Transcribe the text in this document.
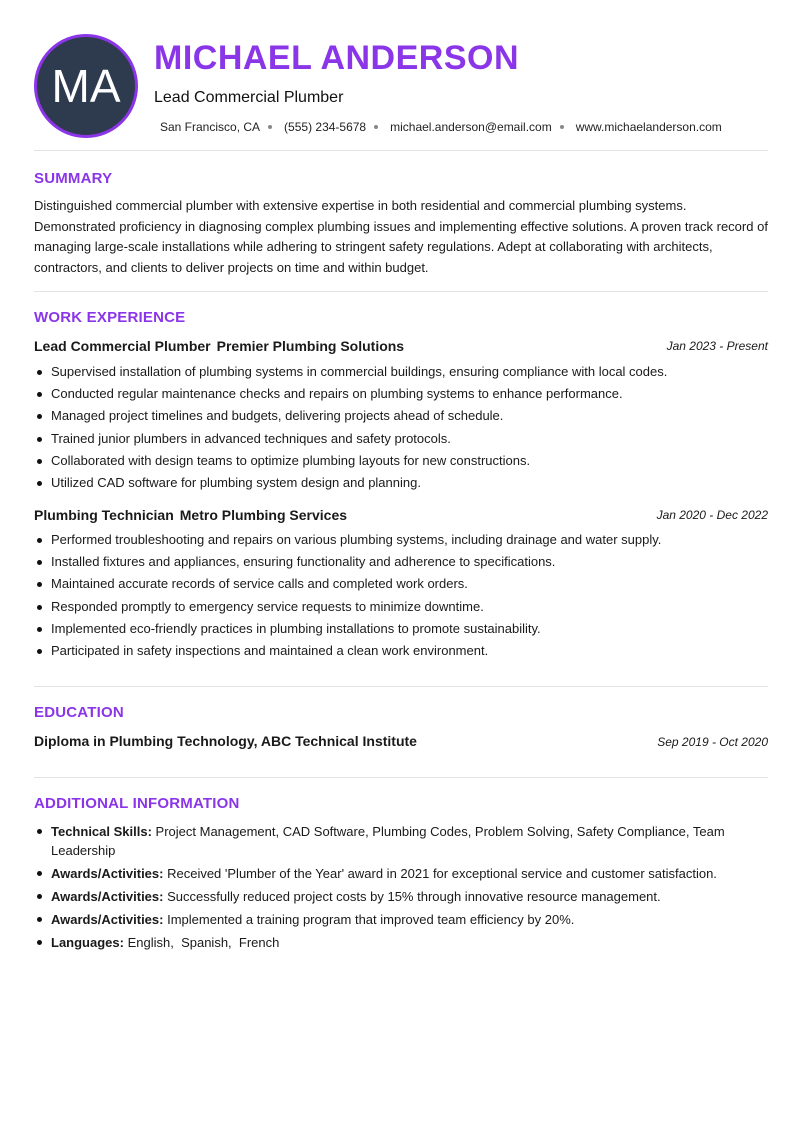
MA
MICHAEL ANDERSON
Lead Commercial Plumber
San Francisco, CA (555) 234-5678 michael.anderson@email.com www.michaelanderson.com
SUMMARY
Distinguished commercial plumber with extensive expertise in both residential and commercial plumbing systems. Demonstrated proficiency in diagnosing complex plumbing issues and implementing effective solutions. A proven track record of managing large-scale installations while adhering to stringent safety regulations. Adept at collaborating with architects, contractors, and clients to deliver projects on time and within budget.
WORK EXPERIENCE
Lead Commercial Plumber Premier Plumbing Solutions	Jan 2023 - Present
Supervised installation of plumbing systems in commercial buildings, ensuring compliance with local codes.
Conducted regular maintenance checks and repairs on plumbing systems to enhance performance.
Managed project timelines and budgets, delivering projects ahead of schedule.
Trained junior plumbers in advanced techniques and safety protocols.
Collaborated with design teams to optimize plumbing layouts for new constructions.
Utilized CAD software for plumbing system design and planning.
Plumbing Technician Metro Plumbing Services	Jan 2020 - Dec 2022
Performed troubleshooting and repairs on various plumbing systems, including drainage and water supply.
Installed fixtures and appliances, ensuring functionality and adherence to specifications.
Maintained accurate records of service calls and completed work orders.
Responded promptly to emergency service requests to minimize downtime.
Implemented eco-friendly practices in plumbing installations to promote sustainability.
Participated in safety inspections and maintained a clean work environment.
EDUCATION
Diploma in Plumbing Technology, ABC Technical Institute	Sep 2019 - Oct 2020
ADDITIONAL INFORMATION
Technical Skills: Project Management, CAD Software, Plumbing Codes, Problem Solving, Safety Compliance, Team Leadership
Awards/Activities: Received 'Plumber of the Year' award in 2021 for exceptional service and customer satisfaction.
Awards/Activities: Successfully reduced project costs by 15% through innovative resource management.
Awards/Activities: Implemented a training program that improved team efficiency by 20%.
Languages: English,  Spanish,  French
